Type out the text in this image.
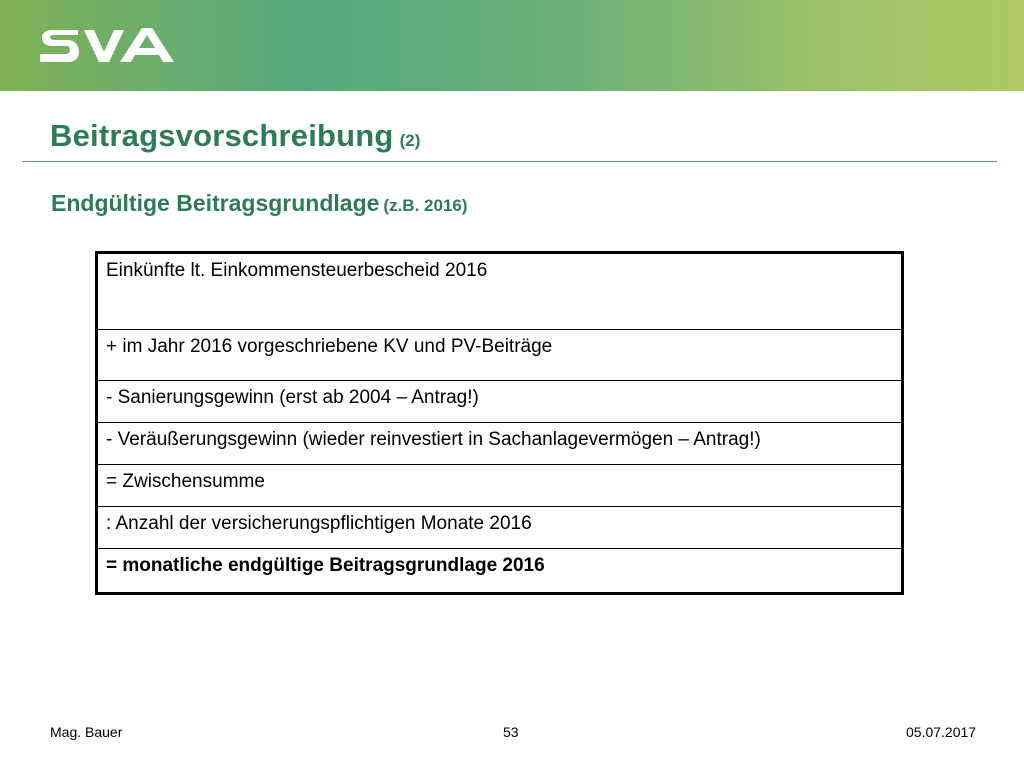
Beitragsvorschreibung (2)
Endgültige Beitragsgrundlage (z.B. 2016)
Einkünfte lt. Einkommensteuerbescheid 2016
+ im Jahr 2016 vorgeschriebene KV und PV-Beiträge
- Sanierungsgewinn (erst ab 2004 – Antrag!)
- Veräußerungsgewinn (wieder reinvestiert in Sachanlagevermögen – Antrag!)
= Zwischensumme
: Anzahl der versicherungspflichtigen Monate 2016
= monatliche endgültige Beitragsgrundlage 2016
Mag. Bauer	53	05.07.2017
